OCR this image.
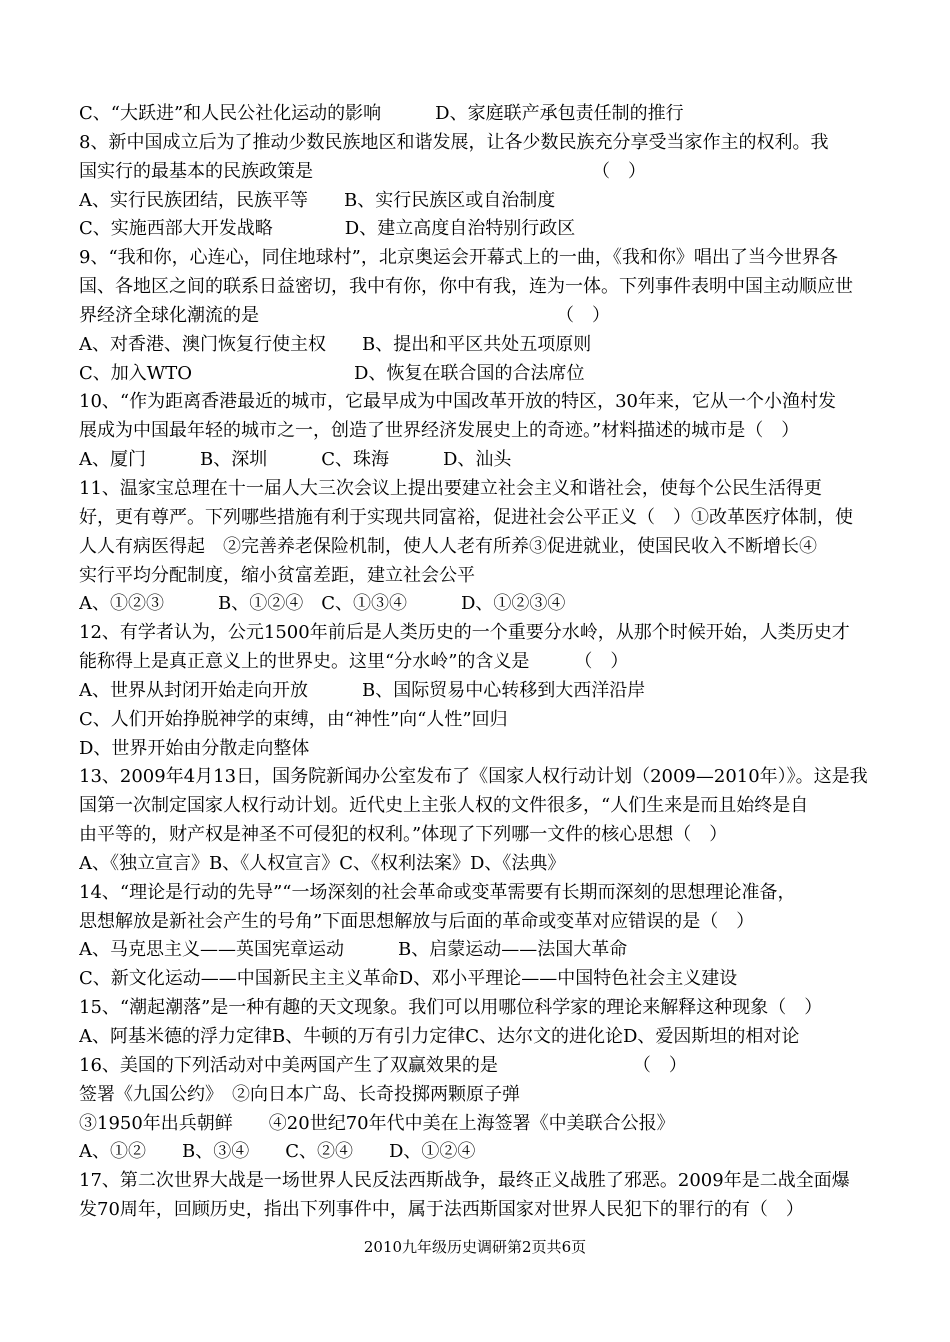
C、“大跃进”和人民公社化运动的影响　　　D、家庭联产承包责任制的推行
8、新中国成立后为了推动少数民族地区和谐发展，让各少数民族充分享受当家作主的权利。我
国实行的最基本的民族政策是　　　　　　　　　　　　　　　　（　）
A、实行民族团结，民族平等　　B、实行民族区或自治制度
C、实施西部大开发战略　　　　D、建立高度自治特别行政区
9、“我和你，心连心，同住地球村”，北京奥运会开幕式上的一曲，《我和你》唱出了当今世界各
国、各地区之间的联系日益密切，我中有你，你中有我，连为一体。下列事件表明中国主动顺应世
界经济全球化潮流的是　　　　　　　　　　　　　　　　　（　）
A、对香港、澳门恢复行使主权　　B、提出和平区共处五项原则
C、加入WTO　　　　　　　　　D、恢复在联合国的合法席位
10、“作为距离香港最近的城市，它最早成为中国改革开放的特区，30年来，它从一个小渔村发
展成为中国最年轻的城市之一，创造了世界经济发展史上的奇迹。”材料描述的城市是（　）
A、厦门　　　B、深圳　　　C、珠海　　　D、汕头
11、温家宝总理在十一届人大三次会议上提出要建立社会主义和谐社会，使每个公民生活得更
好，更有尊严。下列哪些措施有利于实现共同富裕，促进社会公平正义（　）①改革医疗体制，使
人人有病医得起　②完善养老保险机制，使人人老有所养③促进就业，使国民收入不断增长④
实行平均分配制度，缩小贫富差距，建立社会公平
A、①②③　　　B、①②④　C、①③④　　　D、①②③④
12、有学者认为，公元1500年前后是人类历史的一个重要分水岭，从那个时候开始，人类历史才
能称得上是真正意义上的世界史。这里“分水岭”的含义是　　　（　）
A、世界从封闭开始走向开放　　　B、国际贸易中心转移到大西洋沿岸
C、人们开始挣脱神学的束缚，由“神性”向“人性”回归
D、世界开始由分散走向整体
13、2009年4月13日，国务院新闻办公室发布了《国家人权行动计划（2009—2010年）》。这是我
国第一次制定国家人权行动计划。近代史上主张人权的文件很多，“人们生来是而且始终是自
由平等的，财产权是神圣不可侵犯的权利。”体现了下列哪一文件的核心思想（　）
A、《独立宣言》B、《人权宣言》C、《权利法案》D、《法典》
14、“理论是行动的先导”“一场深刻的社会革命或变革需要有长期而深刻的思想理论准备，
思想解放是新社会产生的号角”下面思想解放与后面的革命或变革对应错误的是（　）
A、马克思主义——英国宪章运动　　　B、启蒙运动——法国大革命
C、新文化运动——中国新民主主义革命D、邓小平理论——中国特色社会主义建设
15、“潮起潮落”是一种有趣的天文现象。我们可以用哪位科学家的理论来解释这种现象（　）
A、阿基米德的浮力定律B、牛顿的万有引力定律C、达尔文的进化论D、爱因斯坦的相对论
16、美国的下列活动对中美两国产生了双赢效果的是　　　　　　　　（　）
签署《九国公约》　②向日本广岛、长奇投掷两颗原子弹
③1950年出兵朝鲜　　④20世纪70年代中美在上海签署《中美联合公报》
A、①②　　B、③④　　C、②④　　D、①②④
17、第二次世界大战是一场世界人民反法西斯战争，最终正义战胜了邪恶。2009年是二战全面爆
发70周年，回顾历史，指出下列事件中，属于法西斯国家对世界人民犯下的罪行的有（　）
2010九年级历史调研第2页共6页
